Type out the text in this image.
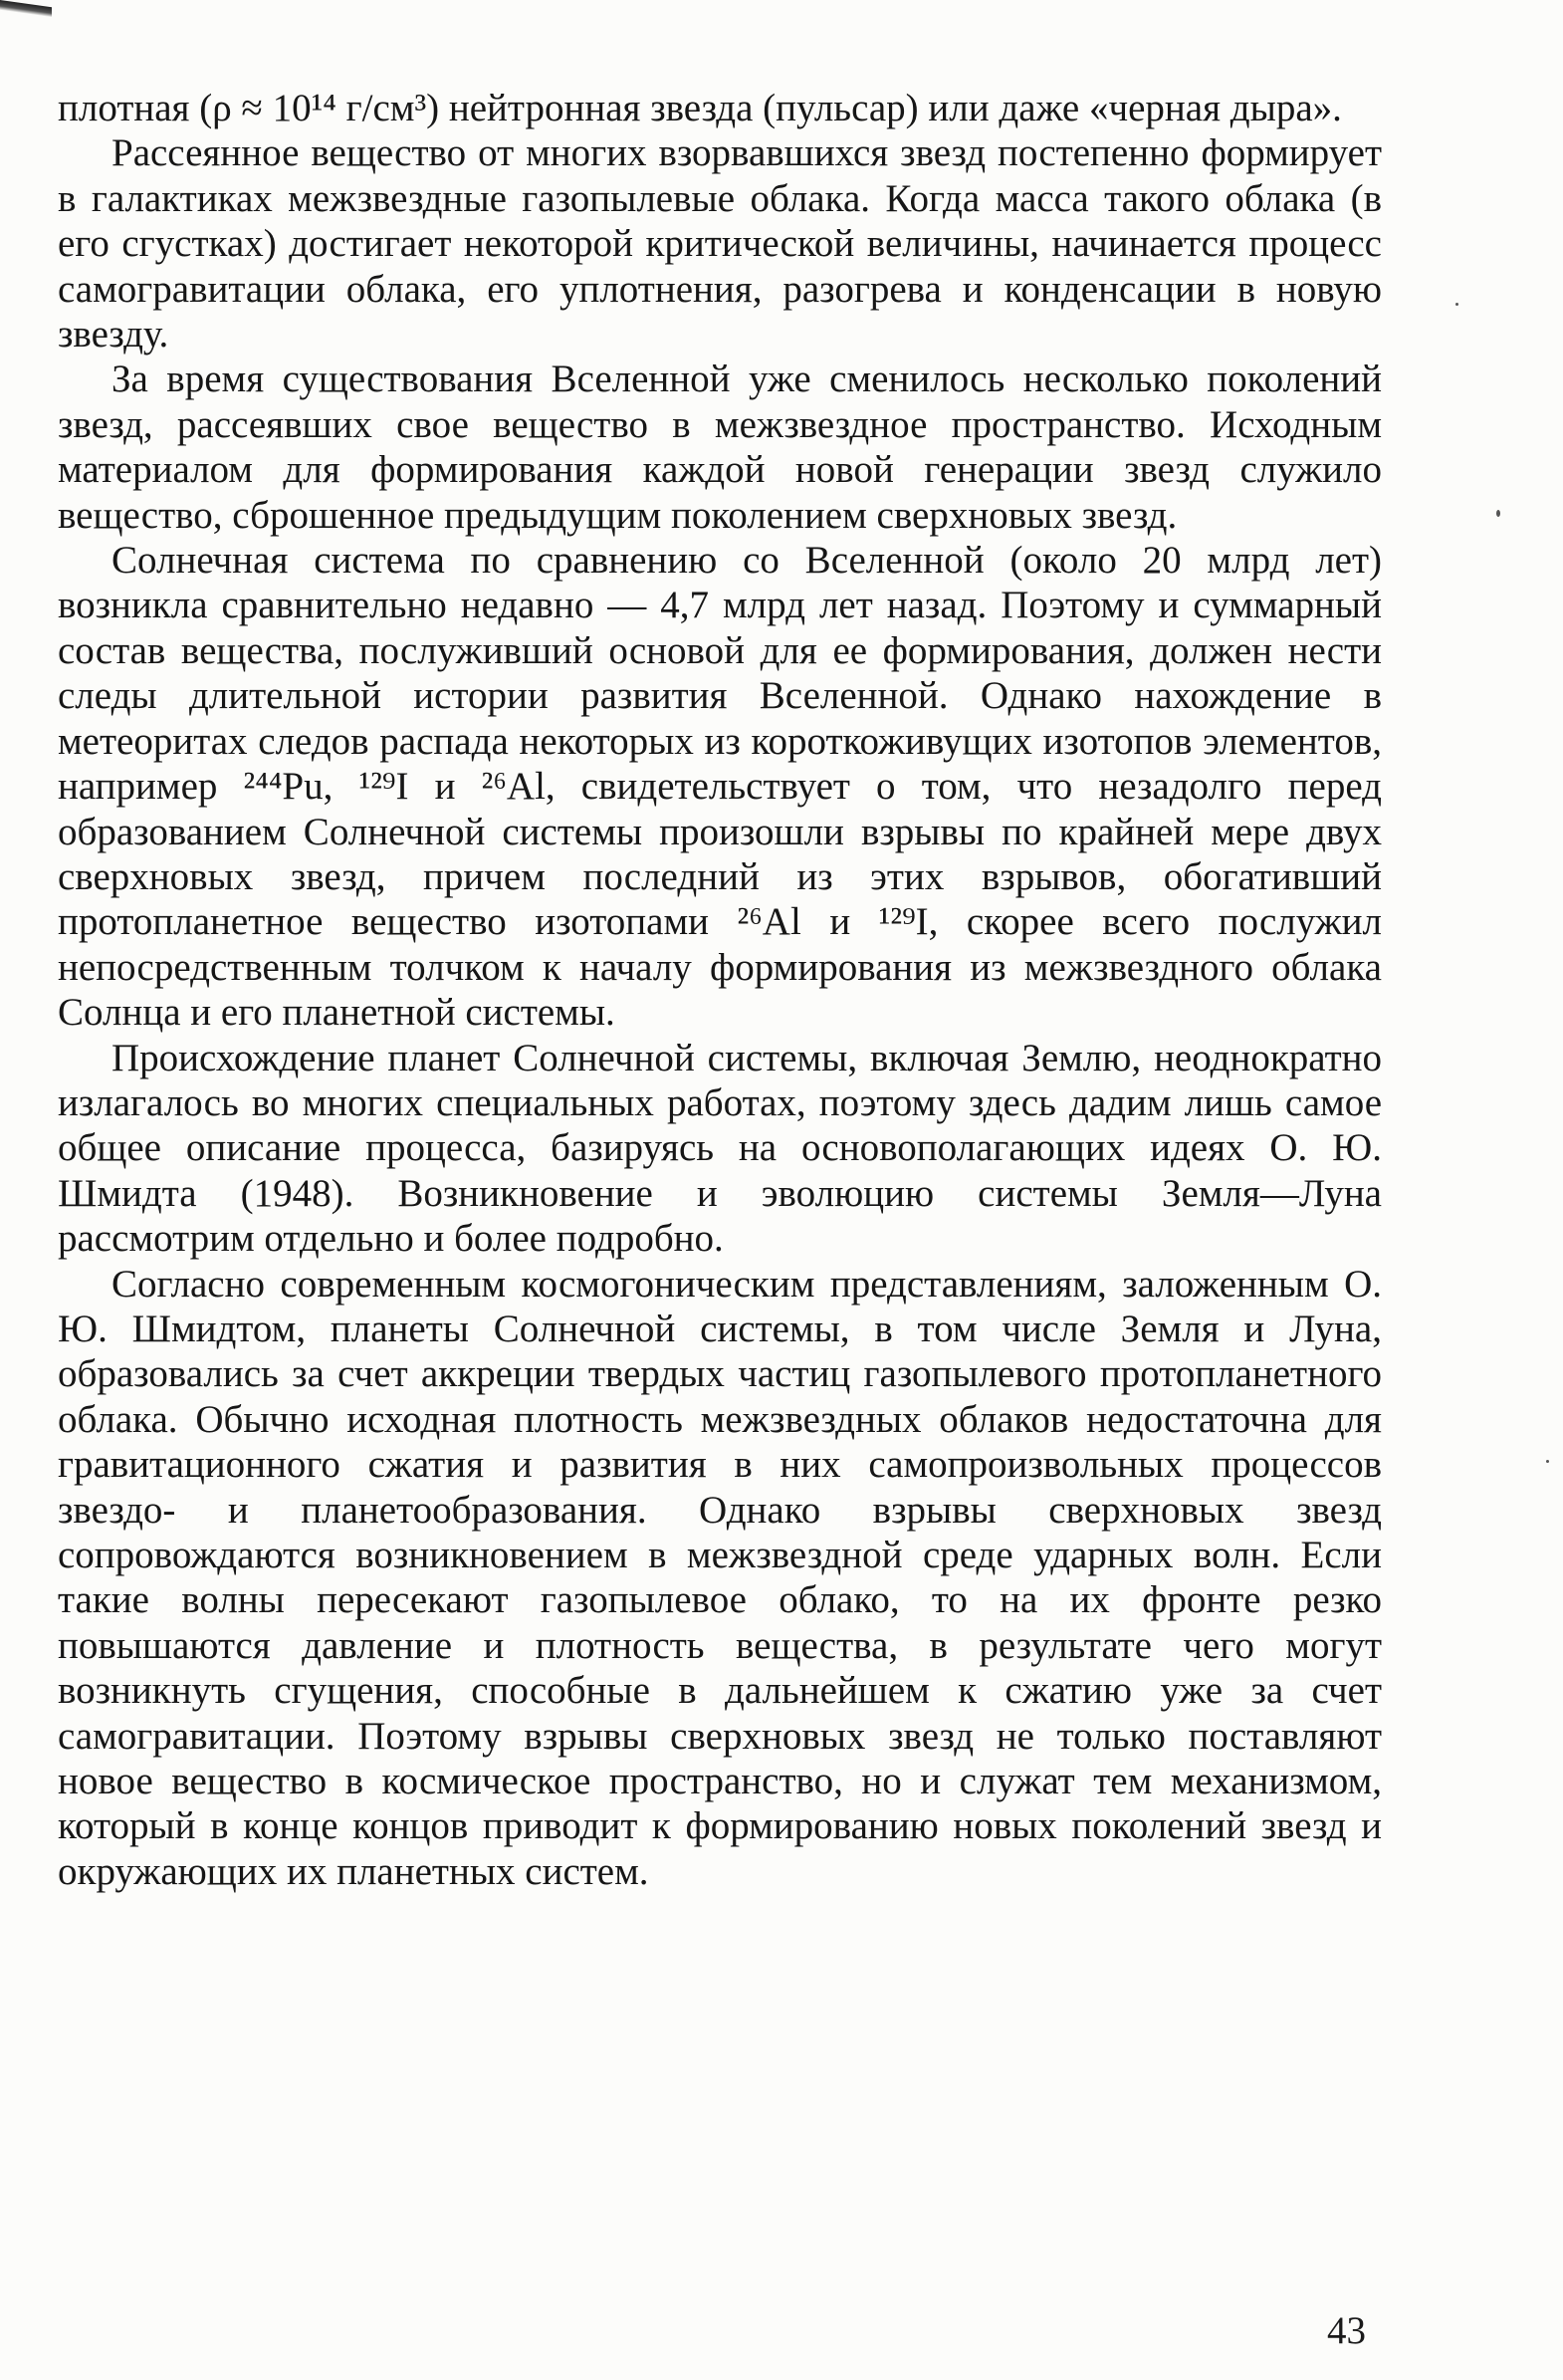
плотная (ρ ≈ 10¹⁴ г/см³) нейтронная звезда (пульсар) или даже «черная дыра».

Рассеянное вещество от многих взорвавшихся звезд постепенно формирует в галактиках межзвездные газопылевые облака. Когда масса такого облака (в его сгустках) достигает некоторой критической величины, начинается процесс самогравитации облака, его уплотнения, разогрева и конденсации в новую звезду.

За время существования Вселенной уже сменилось несколько поколений звезд, рассеявших свое вещество в межзвездное пространство. Исходным материалом для формирования каждой новой генерации звезд служило вещество, сброшенное предыдущим поколением сверхновых звезд.

Солнечная система по сравнению со Вселенной (около 20 млрд лет) возникла сравнительно недавно — 4,7 млрд лет назад. Поэтому и суммарный состав вещества, послуживший основой для ее формирования, должен нести следы длительной истории развития Вселенной. Однако нахождение в метеоритах следов распада некоторых из короткоживущих изотопов элементов, например ²⁴⁴Pu, ¹²⁹I и ²⁶Al, свидетельствует о том, что незадолго перед образованием Солнечной системы произошли взрывы по крайней мере двух сверхновых звезд, причем последний из этих взрывов, обогативший протопланетное вещество изотопами ²⁶Al и ¹²⁹I, скорее всего послужил непосредственным толчком к началу формирования из межзвездного облака Солнца и его планетной системы.

Происхождение планет Солнечной системы, включая Землю, неоднократно излагалось во многих специальных работах, поэтому здесь дадим лишь самое общее описание процесса, базируясь на основополагающих идеях О. Ю. Шмидта (1948). Возникновение и эволюцию системы Земля—Луна рассмотрим отдельно и более подробно.

Согласно современным космогоническим представлениям, заложенным О. Ю. Шмидтом, планеты Солнечной системы, в том числе Земля и Луна, образовались за счет аккреции твердых частиц газопылевого протопланетного облака. Обычно исходная плотность межзвездных облаков недостаточна для гравитационного сжатия и развития в них самопроизвольных процессов звездо- и планетообразования. Однако взрывы сверхновых звезд сопровождаются возникновением в межзвездной среде ударных волн. Если такие волны пересекают газопылевое облако, то на их фронте резко повышаются давление и плотность вещества, в результате чего могут возникнуть сгущения, способные в дальнейшем к сжатию уже за счет самогравитации. Поэтому взрывы сверхновых звезд не только поставляют новое вещество в космическое пространство, но и служат тем механизмом, который в конце концов приводит к формированию новых поколений звезд и окружающих их планетных систем.

43
